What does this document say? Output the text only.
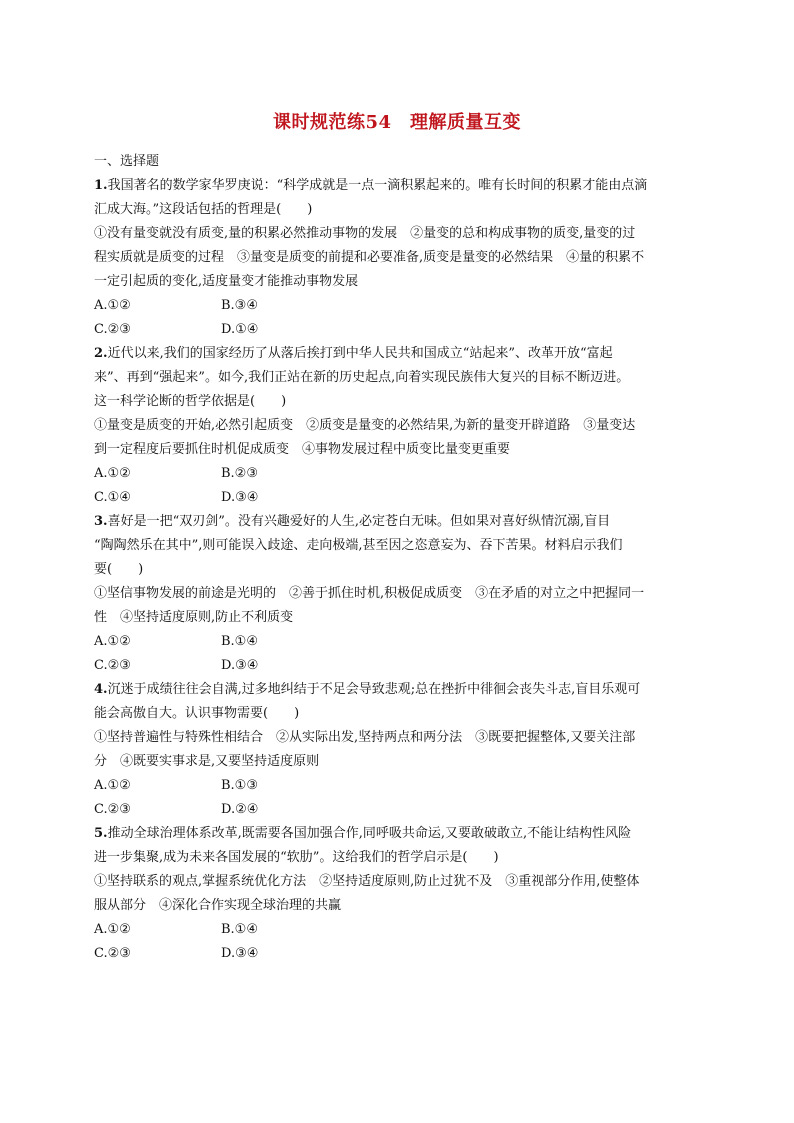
课时规范练54　理解质量互变
一、选择题
1.我国著名的数学家华罗庚说：“科学成就是一点一滴积累起来的。唯有长时间的积累才能由点滴
汇成大海。”这段话包括的哲理是(　　)
①没有量变就没有质变,量的积累必然推动事物的发展　②量变的总和构成事物的质变,量变的过
程实质就是质变的过程　③量变是质变的前提和必要准备,质变是量变的必然结果　④量的积累不
一定引起质的变化,适度量变才能推动事物发展
A.①②	B.③④
C.②③	D.①④
2.近代以来,我们的国家经历了从落后挨打到中华人民共和国成立“站起来”、改革开放“富起
来”、再到“强起来”。如今,我们正站在新的历史起点,向着实现民族伟大复兴的目标不断迈进。
这一科学论断的哲学依据是(　　)
①量变是质变的开始,必然引起质变　②质变是量变的必然结果,为新的量变开辟道路　③量变达
到一定程度后要抓住时机促成质变　④事物发展过程中质变比量变更重要
A.①②	B.②③
C.①④	D.③④
3.喜好是一把“双刃剑”。没有兴趣爱好的人生,必定苍白无味。但如果对喜好纵情沉溺,盲目
“陶陶然乐在其中”,则可能误入歧途、走向极端,甚至因之恣意妄为、吞下苦果。材料启示我们
要(　　)
①坚信事物发展的前途是光明的　②善于抓住时机,积极促成质变　③在矛盾的对立之中把握同一
性　④坚持适度原则,防止不利质变
A.①②	B.①④
C.②③	D.③④
4.沉迷于成绩往往会自满,过多地纠结于不足会导致悲观;总在挫折中徘徊会丧失斗志,盲目乐观可
能会高傲自大。认识事物需要(　　)
①坚持普遍性与特殊性相结合　②从实际出发,坚持两点和两分法　③既要把握整体,又要关注部
分　④既要实事求是,又要坚持适度原则
A.①②	B.①③
C.②③	D.②④
5.推动全球治理体系改革,既需要各国加强合作,同呼吸共命运,又要敢破敢立,不能让结构性风险
进一步集聚,成为未来各国发展的“软肋”。这给我们的哲学启示是(　　)
①坚持联系的观点,掌握系统优化方法　②坚持适度原则,防止过犹不及　③重视部分作用,使整体
服从部分　④深化合作实现全球治理的共赢
A.①②	B.①④
C.②③	D.③④
